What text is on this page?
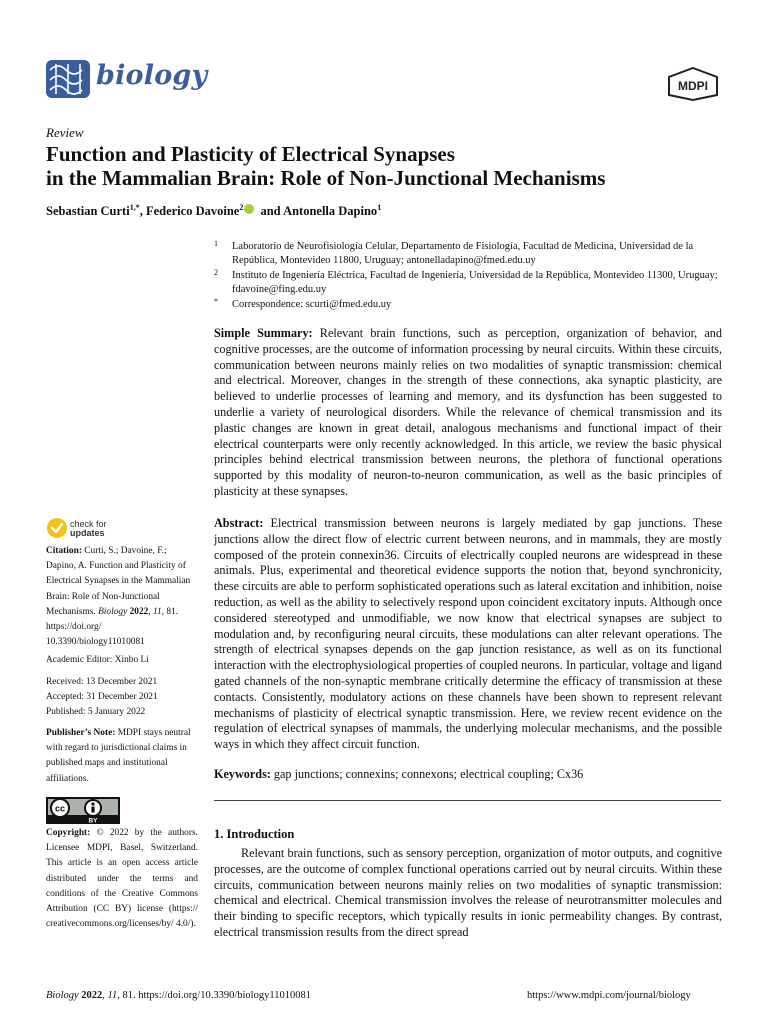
biology	MDPI
Review
Function and Plasticity of Electrical Synapses
in the Mammalian Brain: Role of Non-Junctional Mechanisms
Sebastian Curti$^{1,*}$, Federico Davoine$^2$ and Antonella Dapino$^1$
1 Laboratorio de Neurofisiología Celular, Departamento de Fisiología, Facultad de Medicina, Universidad de la República, Montevideo 11800, Uruguay; antonelladapino@fmed.edu.uy
2 Instituto de Ingeniería Eléctrica, Facultad de Ingeniería, Universidad de la República, Montevideo 11300, Uruguay; fdavoine@fing.edu.uy
* Correspondence: scurti@fmed.edu.uy
Simple Summary: Relevant brain functions, such as perception, organization of behavior, and cognitive processes, are the outcome of information processing by neural circuits. Within these circuits, communication between neurons mainly relies on two modalities of synaptic transmission: chemical and electrical. Moreover, changes in the strength of these connections, aka synaptic plasticity, are believed to underlie processes of learning and memory, and its dysfunction has been suggested to underlie a variety of neurological disorders. While the relevance of chemical transmission and its plastic changes are known in great detail, analogous mechanisms and functional impact of their electrical counterparts were only recently acknowledged. In this article, we review the basic physical principles behind electrical transmission between neurons, the plethora of functional operations supported by this modality of neuron-to-neuron communication, as well as the basic principles of plasticity at these synapses.
Abstract: Electrical transmission between neurons is largely mediated by gap junctions. These junctions allow the direct flow of electric current between neurons, and in mammals, they are mostly composed of the protein connexin36. Circuits of electrically coupled neurons are widespread in these animals. Plus, experimental and theoretical evidence supports the notion that, beyond synchronicity, these circuits are able to perform sophisticated operations such as lateral excitation and inhibition, noise reduction, as well as the ability to selectively respond upon coincident excitatory inputs. Although once considered stereotyped and unmodifiable, we now know that electrical synapses are subject to modulation and, by reconfiguring neural circuits, these modulations can alter relevant operations. The strength of electrical synapses depends on the gap junction resistance, as well as on its functional interaction with the electrophysiological properties of coupled neurons. In particular, voltage and ligand gated channels of the non-synaptic membrane critically determine the efficacy of transmission at these contacts. Consistently, modulatory actions on these channels have been shown to represent relevant mechanisms of plasticity of electrical synaptic transmission. Here, we review recent evidence on the regulation of electrical synapses of mammals, the underlying molecular mechanisms, and the possible ways in which they affect circuit function.
Keywords: gap junctions; connexins; connexons; electrical coupling; Cx36
1. Introduction
Relevant brain functions, such as sensory perception, organization of motor outputs, and cognitive processes, are the outcome of complex functional operations carried out by neural circuits. Within these circuits, communication between neurons mainly relies on two modalities of synaptic transmission: chemical and electrical. Chemical transmission involves the release of neurotransmitter molecules and their binding to specific receptors, which typically results in ionic permeability changes. By contrast, electrical transmission results from the direct spread
check for
updates
Citation: Curti, S.; Davoine, F.; Dapino, A. Function and Plasticity of Electrical Synapses in the Mammalian Brain: Role of Non-Junctional Mechanisms. Biology 2022, 11, 81. https://doi.org/ 10.3390/biology11010081
Academic Editor: Xinbo Li
Received: 13 December 2021
Accepted: 31 December 2021
Published: 5 January 2022
Publisher’s Note: MDPI stays neutral with regard to jurisdictional claims in published maps and institutional affiliations.
cc
BY
Copyright: © 2022 by the authors. Licensee MDPI, Basel, Switzerland. This article is an open access article distributed under the terms and conditions of the Creative Commons Attribution (CC BY) license (https:// creativecommons.org/licenses/by/ 4.0/).
Biology 2022, 11, 81. https://doi.org/10.3390/biology11010081	https://www.mdpi.com/journal/biology
